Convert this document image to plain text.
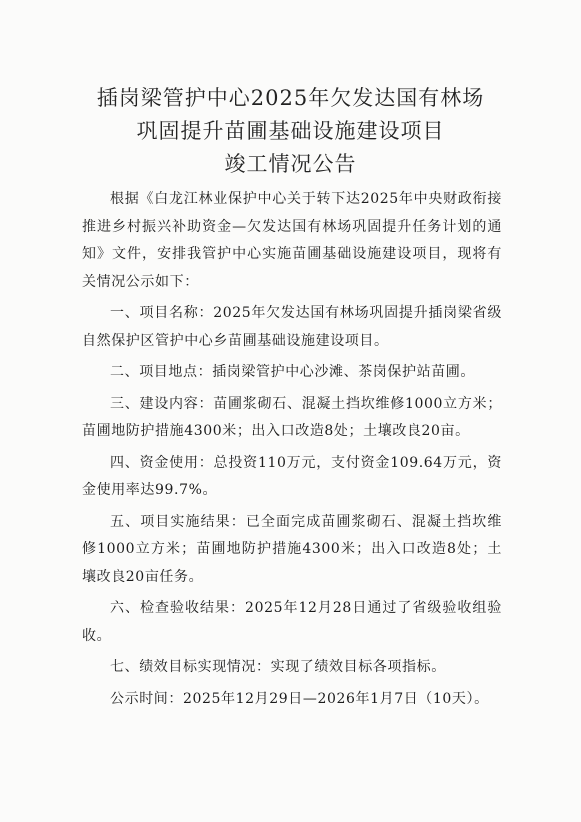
插岗梁管护中心2025年欠发达国有林场
巩固提升苗圃基础设施建设项目
竣工情况公告

根据《白龙江林业保护中心关于转下达2025年中央财政衔接推进乡村振兴补助资金—欠发达国有林场巩固提升任务计划的通知》文件，安排我管护中心实施苗圃基础设施建设项目，现将有关情况公示如下：

一、项目名称：2025年欠发达国有林场巩固提升插岗梁省级自然保护区管护中心乡苗圃基础设施建设项目。

二、项目地点：插岗梁管护中心沙滩、茶岗保护站苗圃。

三、建设内容：苗圃浆砌石、混凝土挡坎维修1000立方米；苗圃地防护措施4300米；出入口改造8处；土壤改良20亩。

四、资金使用：总投资110万元，支付资金109.64万元，资金使用率达99.7%。

五、项目实施结果：已全面完成苗圃浆砌石、混凝土挡坎维修1000立方米；苗圃地防护措施4300米；出入口改造8处；土壤改良20亩任务。

六、检查验收结果：2025年12月28日通过了省级验收组验收。

七、绩效目标实现情况：实现了绩效目标各项指标。

公示时间：2025年12月29日—2026年1月7日（10天）。
